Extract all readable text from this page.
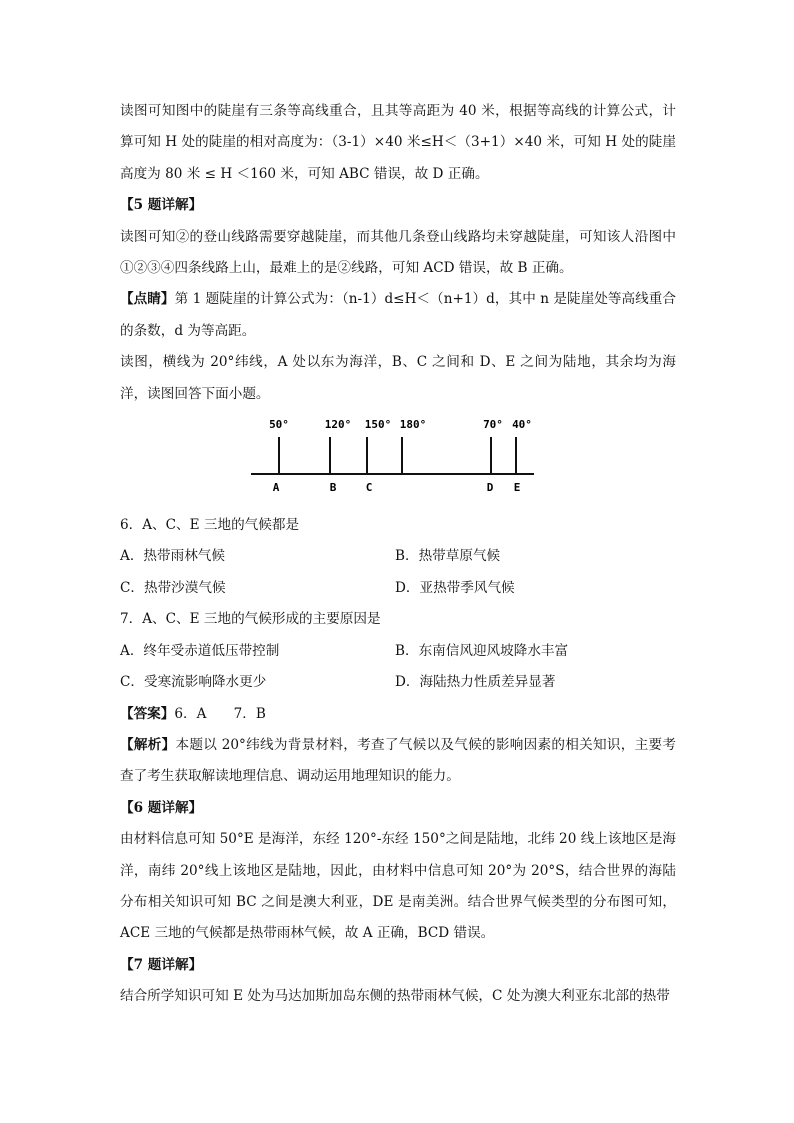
读图可知图中的陡崖有三条等高线重合，且其等高距为 40 米，根据等高线的计算公式，计算可知 H 处的陡崖的相对高度为：（3-1）×40 米≤H＜（3+1）×40 米，可知 H 处的陡崖高度为 80 米 ≤ H ＜160 米，可知 ABC 错误，故 D 正确。

【5 题详解】

读图可知②的登山线路需要穿越陡崖，而其他几条登山线路均未穿越陡崖，可知该人沿图中①②③④四条线路上山，最难上的是②线路，可知 ACD 错误，故 B 正确。

【点睛】第 1 题陡崖的计算公式为：（n-1）d≤H＜（n+1）d，其中 n 是陡崖处等高线重合的条数，d 为等高距。

读图，横线为 20°纬线，A 处以东为海洋，B、C 之间和 D、E 之间为陆地，其余均为海洋，读图回答下面小题。

50°	120° 150° 180°	70° 40°
A	B	C	D E

6．A、C、E 三地的气候都是

A．热带雨林气候	B．热带草原气候

C．热带沙漠气候	D．亚热带季风气候

7．A、C、E 三地的气候形成的主要原因是

A．终年受赤道低压带控制	B．东南信风迎风坡降水丰富

C．受寒流影响降水更少	D．海陆热力性质差异显著

【答案】6．A　　7．B

【解析】本题以 20°纬线为背景材料，考查了气候以及气候的影响因素的相关知识，主要考查了考生获取解读地理信息、调动运用地理知识的能力。

【6 题详解】

由材料信息可知 50°E 是海洋，东经 120°-东经 150°之间是陆地，北纬 20 线上该地区是海洋，南纬 20°线上该地区是陆地，因此，由材料中信息可知 20°为 20°S，结合世界的海陆分布相关知识可知 BC 之间是澳大利亚，DE 是南美洲。结合世界气候类型的分布图可知，ACE 三地的气候都是热带雨林气候，故 A 正确，BCD 错误。

【7 题详解】

结合所学知识可知 E 处为马达加斯加岛东侧的热带雨林气候，C 处为澳大利亚东北部的热带
